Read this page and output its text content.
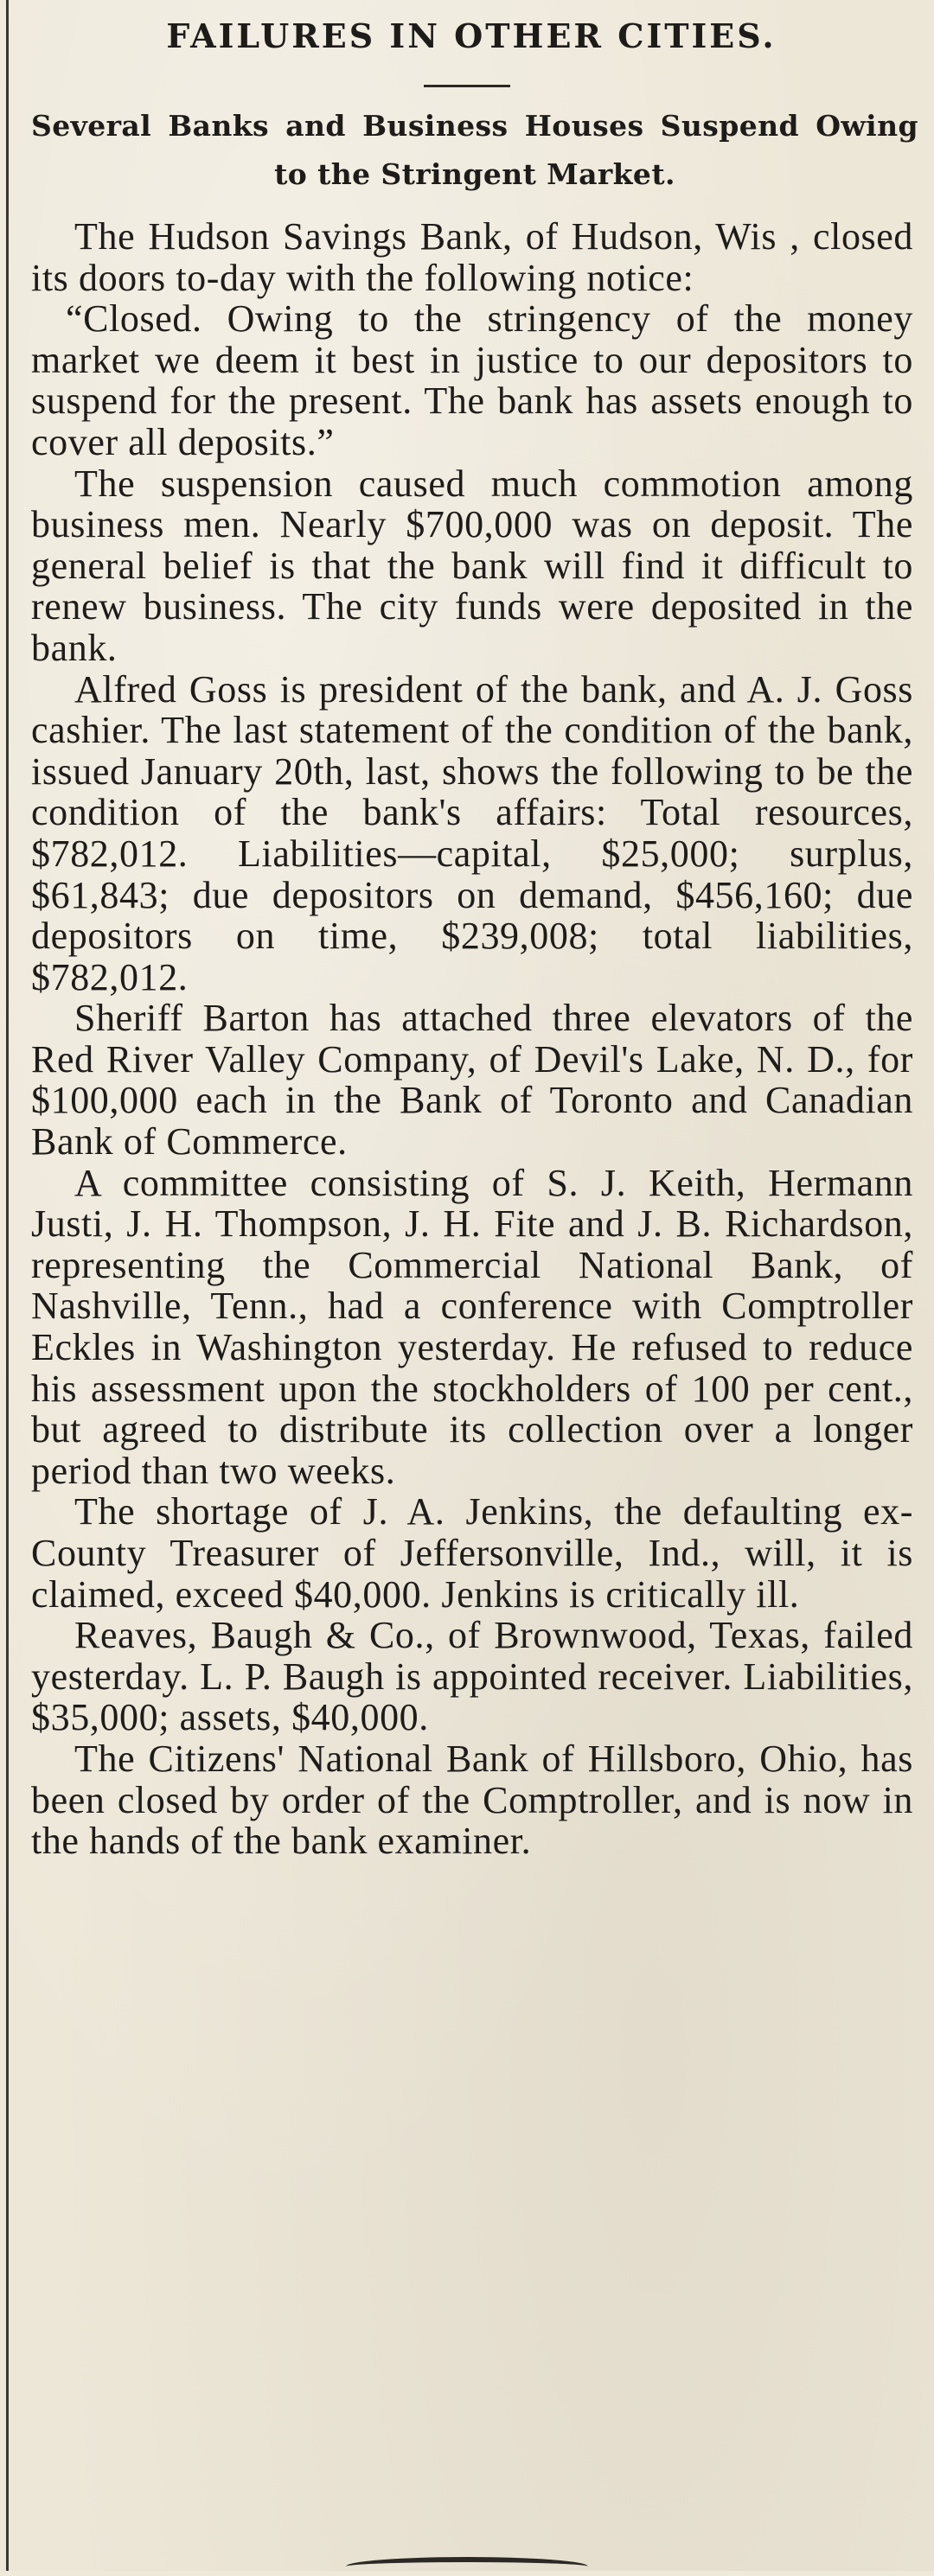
FAILURES IN OTHER CITIES.
Several Banks and Business Houses Suspend Owing to the Stringent Market.

The Hudson Savings Bank, of Hudson, Wis , closed its doors to-day with the following notice:

“Closed. Owing to the stringency of the money market we deem it best in justice to our depositors to suspend for the present. The bank has assets enough to cover all deposits.”

The suspension caused much commotion among business men. Nearly $700,000 was on deposit. The general belief is that the bank will find it difficult to renew business. The city funds were deposited in the bank.

Alfred Goss is president of the bank, and A. J. Goss cashier. The last statement of the condition of the bank, issued January 20th, last, shows the following to be the condition of the bank's affairs: Total resources, $782,012. Liabilities—capital, $25,000; surplus, $61,843; due depositors on demand, $456,160; due depositors on time, $239,008; total liabilities, $782,012.

Sheriff Barton has attached three elevators of the Red River Valley Company, of Devil's Lake, N. D., for $100,000 each in the Bank of Toronto and Canadian Bank of Commerce.

A committee consisting of S. J. Keith, Hermann Justi, J. H. Thompson, J. H. Fite and J. B. Richardson, representing the Commercial National Bank, of Nashville, Tenn., had a conference with Comptroller Eckles in Washington yesterday. He refused to reduce his assessment upon the stockholders of 100 per cent., but agreed to distribute its collection over a longer period than two weeks.

The shortage of J. A. Jenkins, the defaulting ex-County Treasurer of Jeffersonville, Ind., will, it is claimed, exceed $40,000. Jenkins is critically ill.

Reaves, Baugh & Co., of Brownwood, Texas, failed yesterday. L. P. Baugh is appointed receiver. Liabilities, $35,000; assets, $40,000.

The Citizens' National Bank of Hillsboro, Ohio, has been closed by order of the Comptroller, and is now in the hands of the bank examiner.
